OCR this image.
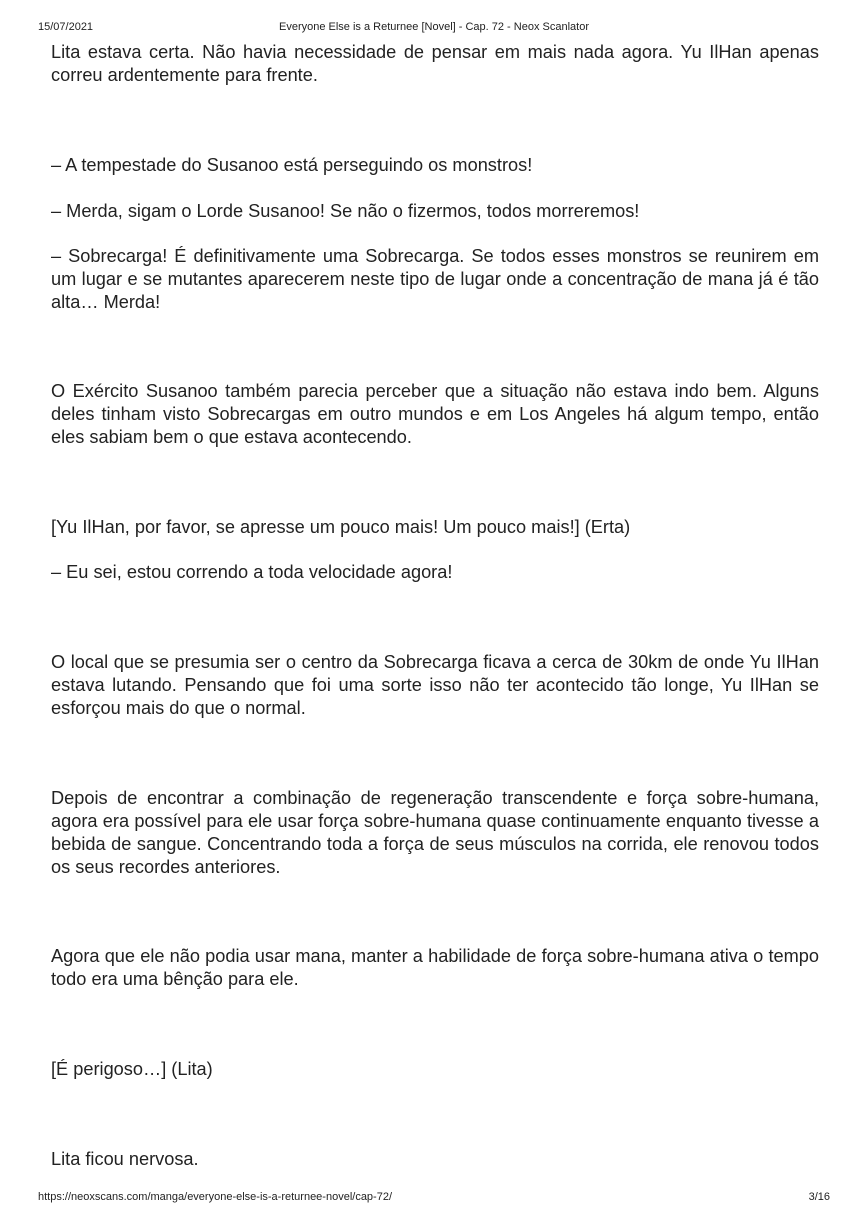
15/07/2021	Everyone Else is a Returnee [Novel] - Cap. 72 - Neox Scanlator

Lita estava certa. Não havia necessidade de pensar em mais nada agora. Yu IlHan apenas correu ardentemente para frente.

– A tempestade do Susanoo está perseguindo os monstros!

– Merda, sigam o Lorde Susanoo! Se não o fizermos, todos morreremos!

– Sobrecarga! É definitivamente uma Sobrecarga. Se todos esses monstros se reunirem em um lugar e se mutantes aparecerem neste tipo de lugar onde a concentração de mana já é tão alta… Merda!

O Exército Susanoo também parecia perceber que a situação não estava indo bem. Alguns deles tinham visto Sobrecargas em outro mundos e em Los Angeles há algum tempo, então eles sabiam bem o que estava acontecendo.

[Yu IlHan, por favor, se apresse um pouco mais! Um pouco mais!] (Erta)

– Eu sei, estou correndo a toda velocidade agora!

O local que se presumia ser o centro da Sobrecarga ficava a cerca de 30km de onde Yu IlHan estava lutando. Pensando que foi uma sorte isso não ter acontecido tão longe, Yu IlHan se esforçou mais do que o normal.

Depois de encontrar a combinação de regeneração transcendente e força sobre-humana, agora era possível para ele usar força sobre-humana quase continuamente enquanto tivesse a bebida de sangue. Concentrando toda a força de seus músculos na corrida, ele renovou todos os seus recordes anteriores.

Agora que ele não podia usar mana, manter a habilidade de força sobre-humana ativa o tempo todo era uma bênção para ele.

[É perigoso…] (Lita)

Lita ficou nervosa.

https://neoxscans.com/manga/everyone-else-is-a-returnee-novel/cap-72/	3/16
